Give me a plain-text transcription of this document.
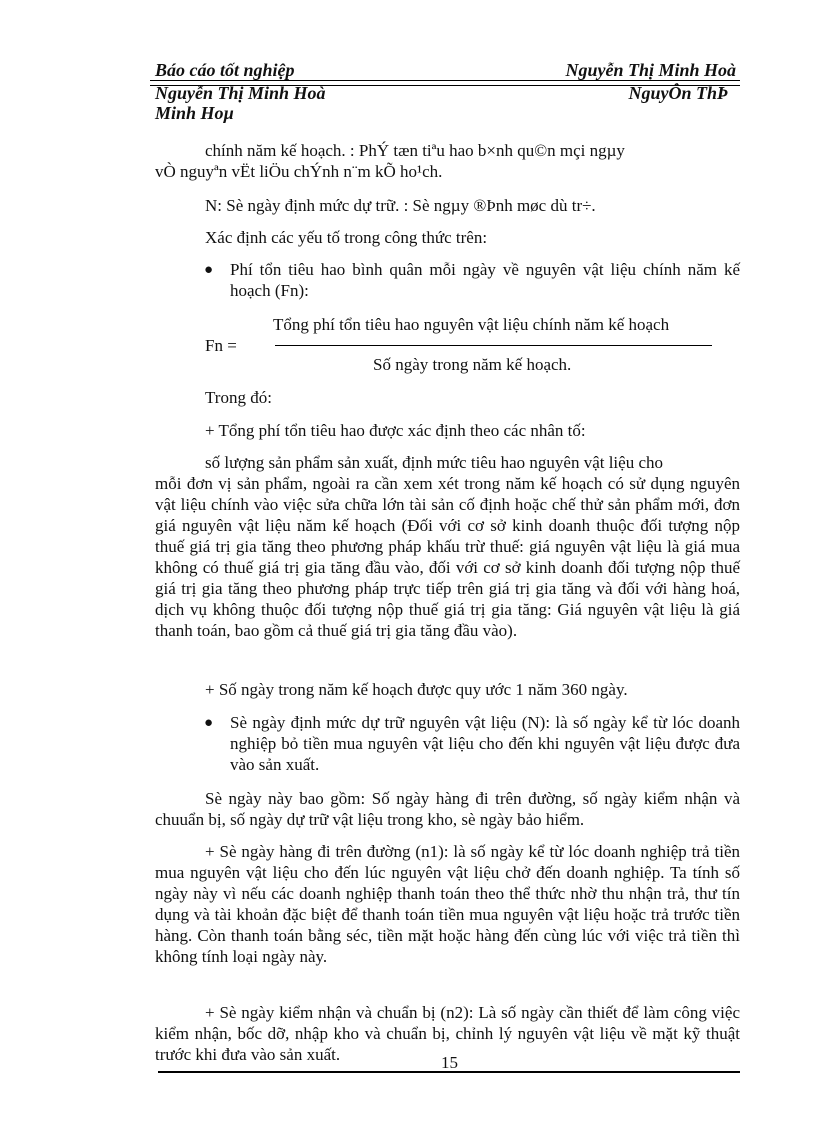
Báo cáo tốt nghiệp	Nguyễn Thị Minh Hoà
Nguyễn Thị Minh Hoà	NguyÔn ThÞ
Minh Hoµ
chính năm kế hoạch. : PhÝ tæn tiªu hao b×nh qu©n mçi ngµy
vÒ nguyªn vËt liÖu chÝnh n¨m kÕ ho¹ch.
N: Sè ngày định mức dự trữ. : Sè ngµy ®Þnh møc dù tr÷.
Xác định các yếu tố trong công thức trên:
● Phí tổn tiêu hao bình quân mỗi ngày về nguyên vật liệu chính năm kế hoạch (Fn):
Tổng phí tổn tiêu hao nguyên vật liệu chính năm kế hoạch
Fn =
Số ngày trong năm kế hoạch.
Trong đó:
+ Tổng phí tổn tiêu hao được xác định theo các nhân tố:
số lượng sản phẩm sản xuất, định mức tiêu hao nguyên vật liệu cho
mỗi đơn vị sản phẩm, ngoài ra cần xem xét trong năm kế hoạch có sử dụng nguyên vật liệu chính vào việc sửa chữa lớn tài sản cố định hoặc chế thử sản phẩm mới, đơn giá nguyên vật liệu năm kế hoạch (Đối với cơ sở kinh doanh thuộc đối tượng nộp thuế giá trị gia tăng theo phương pháp khấu trừ thuế: giá nguyên vật liệu là giá mua không có thuế giá trị gia tăng đầu vào, đối với cơ sở kinh doanh đối tượng nộp thuế giá trị gia tăng theo phương pháp trực tiếp trên giá trị gia tăng và đối với hàng hoá, dịch vụ không thuộc đối tượng nộp thuế giá trị gia tăng: Giá nguyên vật liệu là giá thanh toán, bao gồm cả thuế giá trị gia tăng đầu vào).
+ Số ngày trong năm kế hoạch được quy ước 1 năm 360 ngày.
● Sè ngày định mức dự trữ nguyên vật liệu (N): là số ngày kể từ lóc doanh nghiệp bỏ tiền mua nguyên vật liệu cho đến khi nguyên vật liệu được đưa vào sản xuất.
Sè ngày này bao gồm: Số ngày hàng đi trên đường, số ngày kiểm nhận và chuuẩn bị, số ngày dự trữ vật liệu trong kho, sè ngày bảo hiểm.
+ Sè ngày hàng đi trên đường (n1): là số ngày kể từ lóc doanh nghiệp trả tiền mua nguyên vật liệu cho đến lúc nguyên vật liệu chở đến doanh nghiệp. Ta tính số ngày này vì nếu các doanh nghiệp thanh toán theo thể thức nhờ thu nhận trả, thư tín dụng và tài khoản đặc biệt để thanh toán tiền mua nguyên vật liệu hoặc trả trước tiền hàng. Còn thanh toán bằng séc, tiền mặt hoặc hàng đến cùng lúc với việc trả tiền thì không tính loại ngày này.
+ Sè ngày kiểm nhận và chuẩn bị (n2): Là số ngày cần thiết để làm công việc kiểm nhận, bốc dỡ, nhập kho và chuẩn bị, chỉnh lý nguyên vật liệu về mặt kỹ thuật trước khi đưa vào sản xuất.	15
